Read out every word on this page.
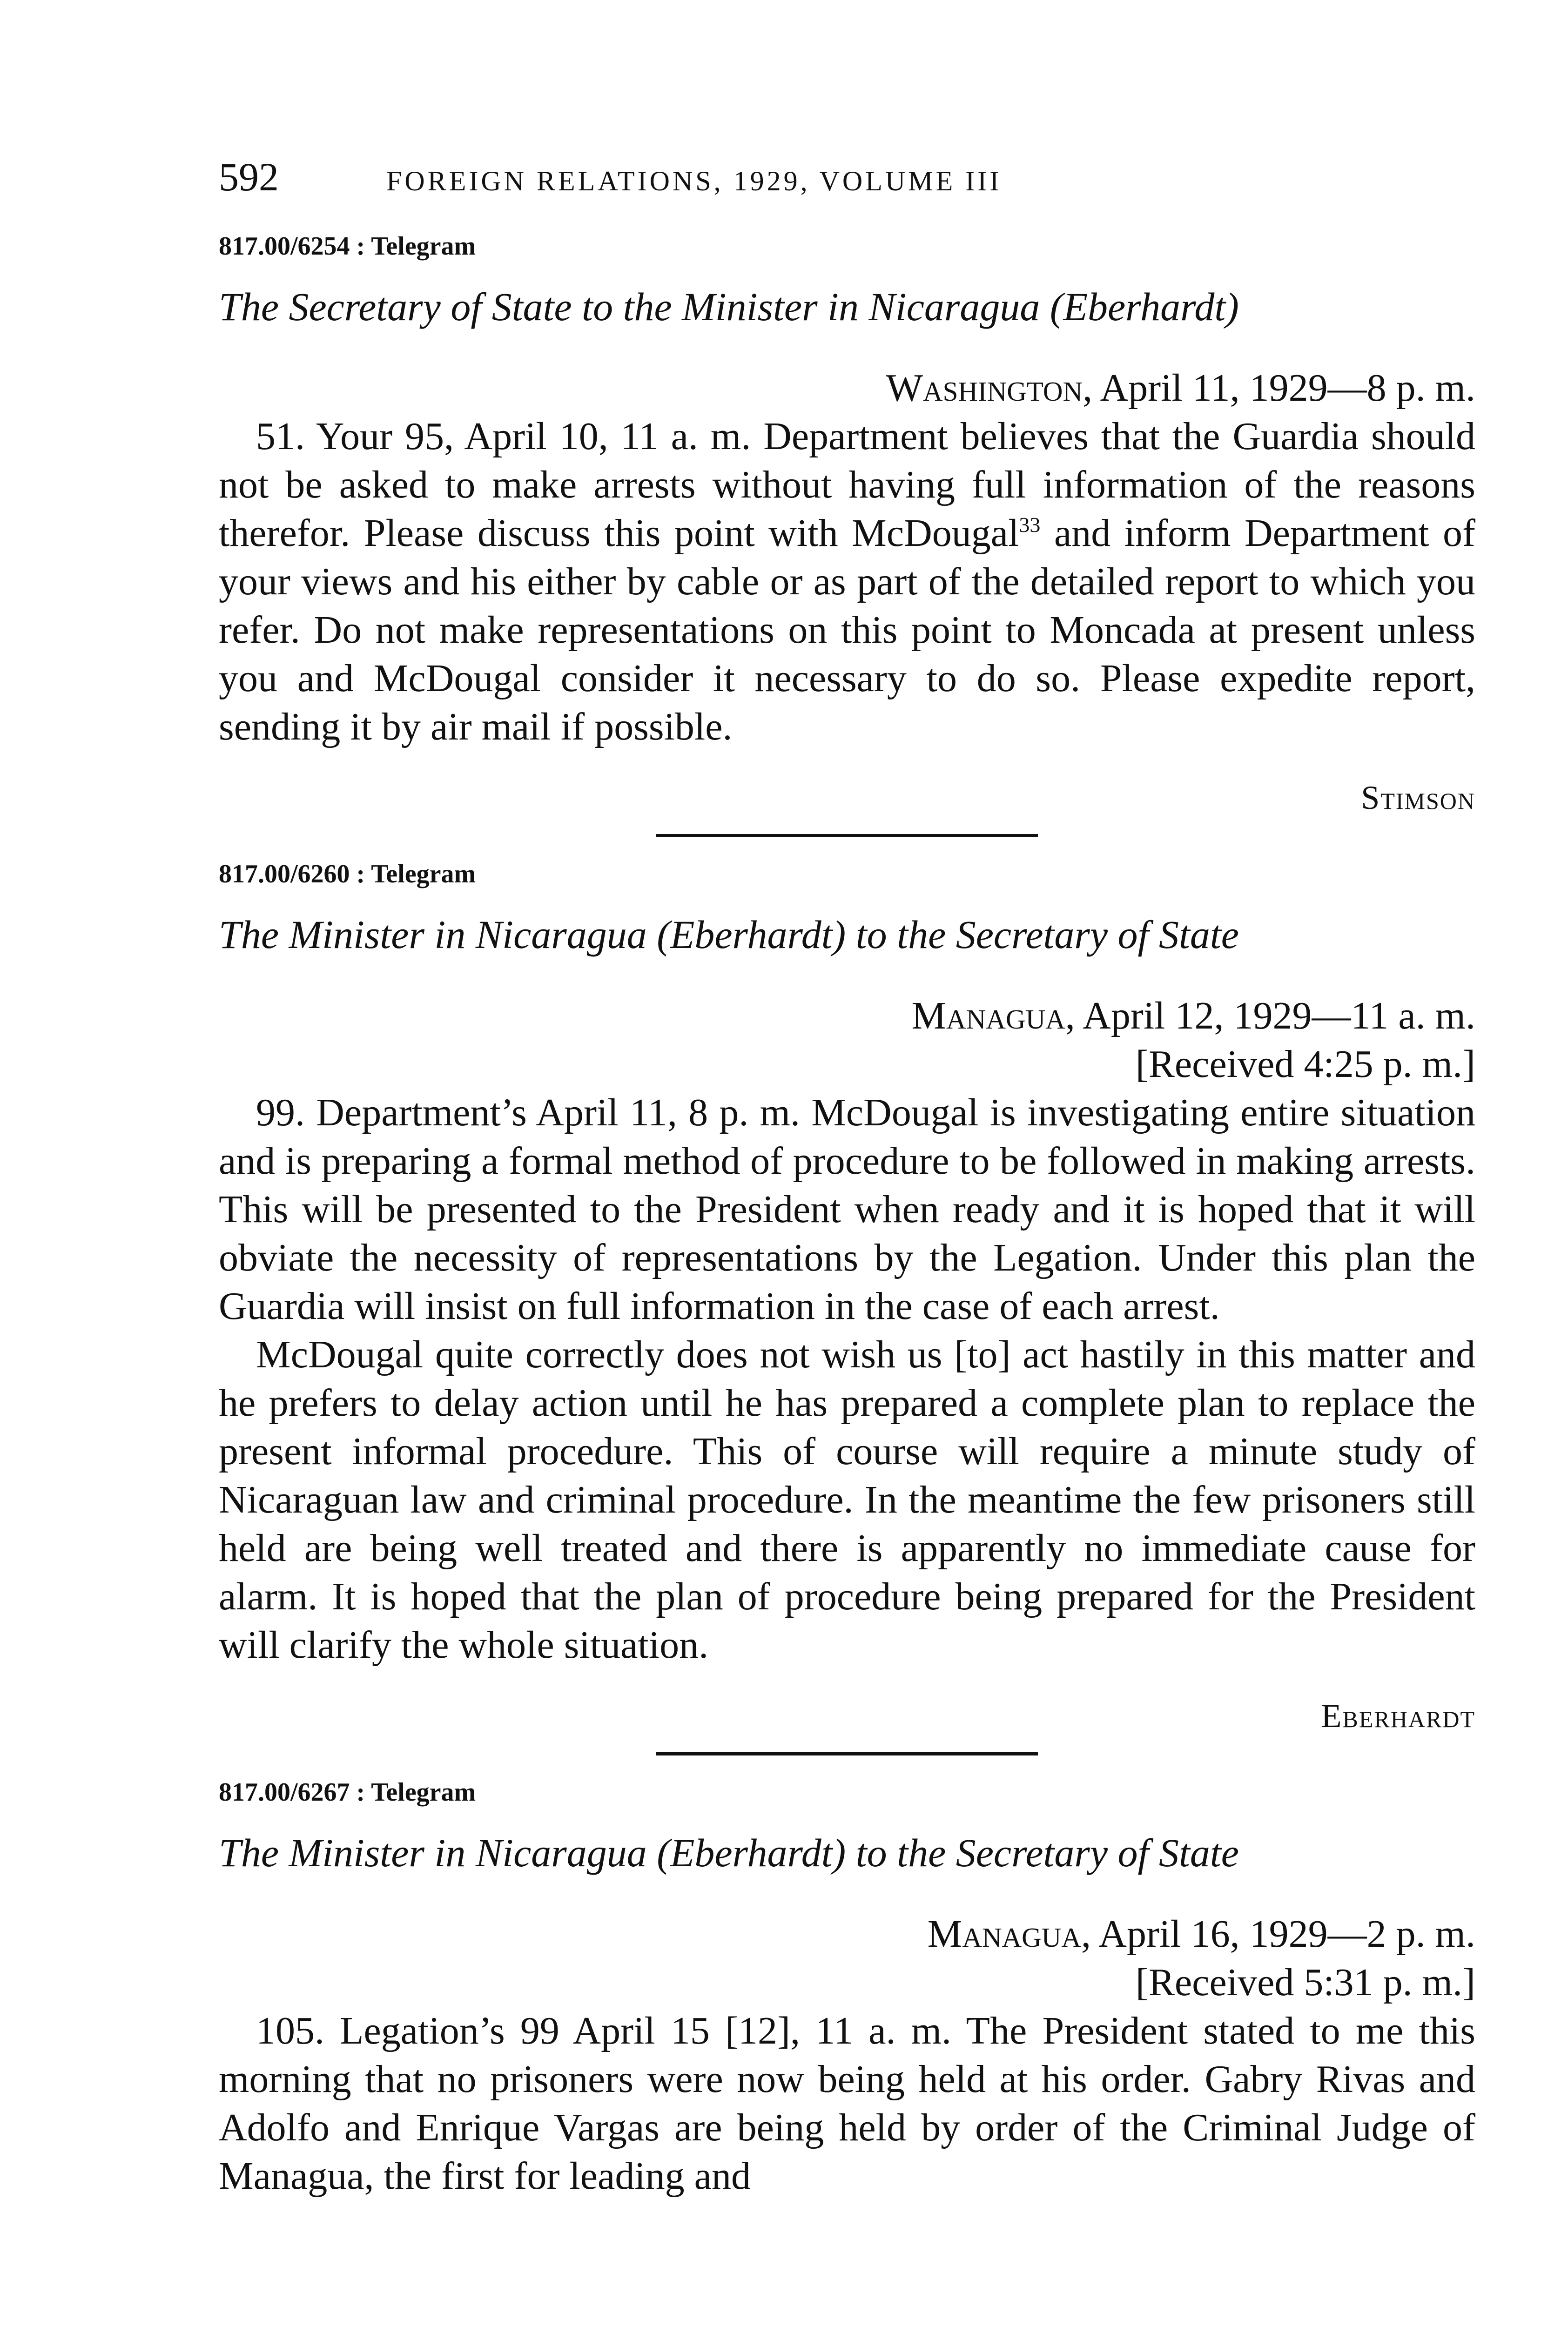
592	FOREIGN RELATIONS, 1929, VOLUME III
817.00/6254 : Telegram
The Secretary of State to the Minister in Nicaragua (Eberhardt)
Washington, April 11, 1929—8 p. m.

51. Your 95, April 10, 11 a. m. Department believes that the Guardia should not be asked to make arrests without having full information of the reasons therefor. Please discuss this point with McDougal$^{33}$ and inform Department of your views and his either by cable or as part of the detailed report to which you refer. Do not make representations on this point to Moncada at present unless you and McDougal consider it necessary to do so. Please expedite report, sending it by air mail if possible.

Stimson
817.00/6260 : Telegram
The Minister in Nicaragua (Eberhardt) to the Secretary of State
Managua, April 12, 1929—11 a. m.
[Received 4:25 p. m.]

99. Department’s April 11, 8 p. m. McDougal is investigating entire situation and is preparing a formal method of procedure to be followed in making arrests. This will be presented to the President when ready and it is hoped that it will obviate the necessity of representations by the Legation. Under this plan the Guardia will insist on full information in the case of each arrest.

McDougal quite correctly does not wish us [to] act hastily in this matter and he prefers to delay action until he has prepared a complete plan to replace the present informal procedure. This of course will require a minute study of Nicaraguan law and criminal procedure. In the meantime the few prisoners still held are being well treated and there is apparently no immediate cause for alarm. It is hoped that the plan of procedure being prepared for the President will clarify the whole situation.

Eberhardt
817.00/6267 : Telegram
The Minister in Nicaragua (Eberhardt) to the Secretary of State
Managua, April 16, 1929—2 p. m.
[Received 5:31 p. m.]

105. Legation’s 99 April 15 [12], 11 a. m. The President stated to me this morning that no prisoners were now being held at his order. Gabry Rivas and Adolfo and Enrique Vargas are being held by order of the Criminal Judge of Managua, the first for leading and
